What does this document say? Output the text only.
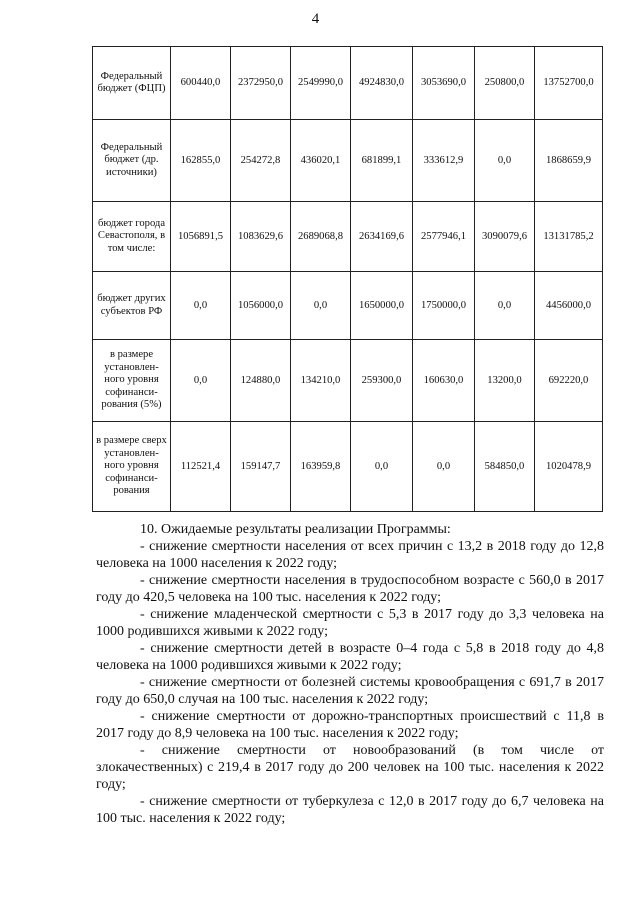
4
Федеральный бюджет (ФЦП)	600440,0	2372950,0	2549990,0	4924830,0	3053690,0	250800,0	13752700,0
Федеральный бюджет (др. источники)	162855,0	254272,8	436020,1	681899,1	333612,9	0,0	1868659,9
бюджет города Севастополя, в том числе:	1056891,5	1083629,6	2689068,8	2634169,6	2577946,1	3090079,6	13131785,2
бюджет других субъектов РФ	0,0	1056000,0	0,0	1650000,0	1750000,0	0,0	4456000,0
в размере установлен-ного уровня софинанси-рования (5%)	0,0	124880,0	134210,0	259300,0	160630,0	13200,0	692220,0
в размере сверх установлен-ного уровня софинанси-рования	112521,4	159147,7	163959,8	0,0	0,0	584850,0	1020478,9

10. Ожидаемые результаты реализации Программы:

- снижение смертности населения от всех причин с 13,2 в 2018 году до 12,8 человека на 1000 населения к 2022 году;

- снижение смертности населения в трудоспособном возрасте с 560,0 в 2017 году до 420,5 человека на 100 тыс. населения к 2022 году;

- снижение младенческой смертности с 5,3 в 2017 году до 3,3 человека на 1000 родившихся живыми к 2022 году;

- снижение смертности детей в возрасте 0–4 года с 5,8 в 2018 году до 4,8 человека на 1000 родившихся живыми к 2022 году;

- снижение смертности от болезней системы кровообращения с 691,7 в 2017 году до 650,0 случая на 100 тыс. населения к 2022 году;

- снижение смертности от дорожно-транспортных происшествий с 11,8 в 2017 году до 8,9 человека на 100 тыс. населения к 2022 году;

- снижение смертности от новообразований (в том числе от злокачественных) с 219,4 в 2017 году до 200 человек на 100 тыс. населения к 2022 году;

- снижение смертности от туберкулеза с 12,0 в 2017 году до 6,7 человека на 100 тыс. населения к 2022 году;
